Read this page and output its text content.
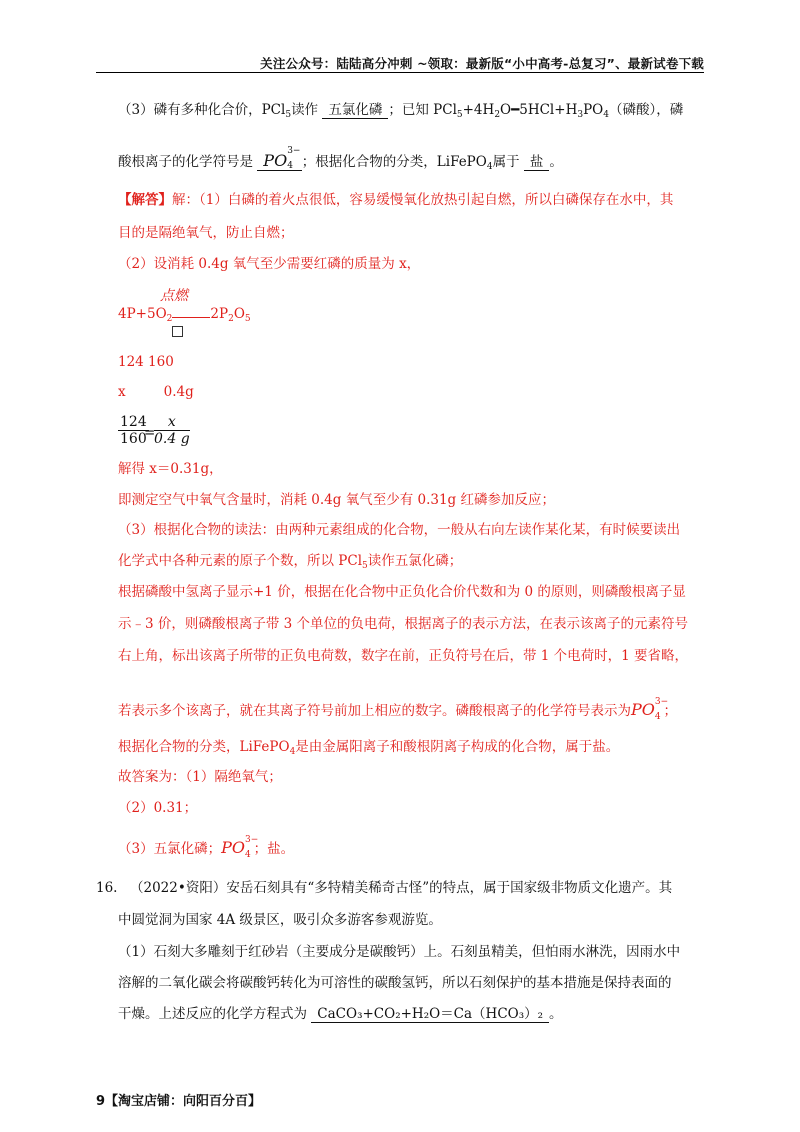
关注公众号：陆陆高分冲刺 ~领取：最新版“小中高考-总复习”、最新试卷下载
（3）磷有多种化合价，PCl$_5$读作 五氯化磷 ；已知 $PCl_5+4H_2O━5HCl+H_3PO_4$（磷酸），磷
酸根离子的化学符号是 PO 3−
4 ；根据化合物的分类，LiFePO$_4$属于 盐 。
【解答】解：（1）白磷的着火点很低，容易缓慢氧化放热引起自燃，所以白磷保存在水中，其
目的是隔绝氧气，防止自燃；
（2）设消耗 0.4g 氧气至少需要红磷的质量为 x，
点燃
$4P+5O_2$	$2P_2O_5$
124 160
x	0.4g
$\frac{124}{160}$
=
$\frac{x}{0.4 g}$
解得 x＝0.31g，
即测定空气中氧气含量时，消耗 0.4g 氧气至少有 0.31g 红磷参加反应；
（3）根据化合物的读法：由两种元素组成的化合物，一般从右向左读作某化某，有时候要读出
化学式中各种元素的原子个数，所以 PCl$_5$读作五氯化磷；
根据磷酸中氢离子显示+1 价，根据在化合物中正负化合价代数和为 0 的原则，则磷酸根离子显
示﹣3 价，则磷酸根离子带 3 个单位的负电荷，根据离子的表示方法，在表示该离子的元素符号
右上角，标出该离子所带的正负电荷数，数字在前，正负符号在后，带 1 个电荷时，1 要省略，
若表示多个该离子，就在其离子符号前加上相应的数字。磷酸根离子的化学符号表示为PO 3−
4 ；
根据化合物的分类，LiFePO$_4$是由金属阳离子和酸根阴离子构成的化合物，属于盐。
故答案为：（1）隔绝氧气；
（2）0.31；
（3）五氯化磷；PO 3−
4 ；盐。
16. （2022•资阳）安岳石刻具有“多特精美稀奇古怪”的特点，属于国家级非物质文化遗产。其
中圆觉洞为国家 4A 级景区，吸引众多游客参观游览。
（1）石刻大多雕刻于红砂岩（主要成分是碳酸钙）上。石刻虽精美，但怕雨水淋洗，因雨水中
溶解的二氧化碳会将碳酸钙转化为可溶性的碳酸氢钙，所以石刻保护的基本措施是保持表面的
干燥。上述反应的化学方程式为 CaCO₃+CO₂+H₂O＝Ca（HCO₃）₂ 。
9【淘宝店铺：向阳百分百】
